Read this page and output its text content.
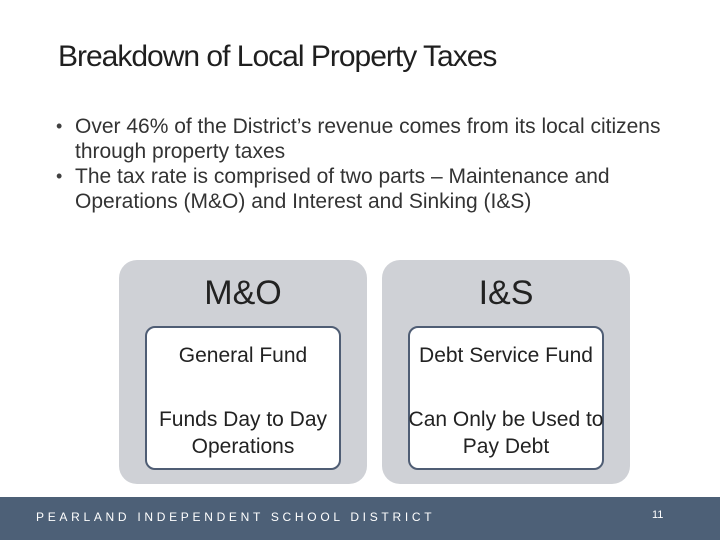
Breakdown of Local Property Taxes
• Over 46% of the District’s revenue comes from its local citizens through property taxes
• The tax rate is comprised of two parts – Maintenance and Operations (M&O) and Interest and Sinking (I&S)
M&O
General Fund
Funds Day to Day Operations
I&S
Debt Service Fund
Can Only be Used to Pay Debt
PEARLAND INDEPENDENT SCHOOL DISTRICT	11
